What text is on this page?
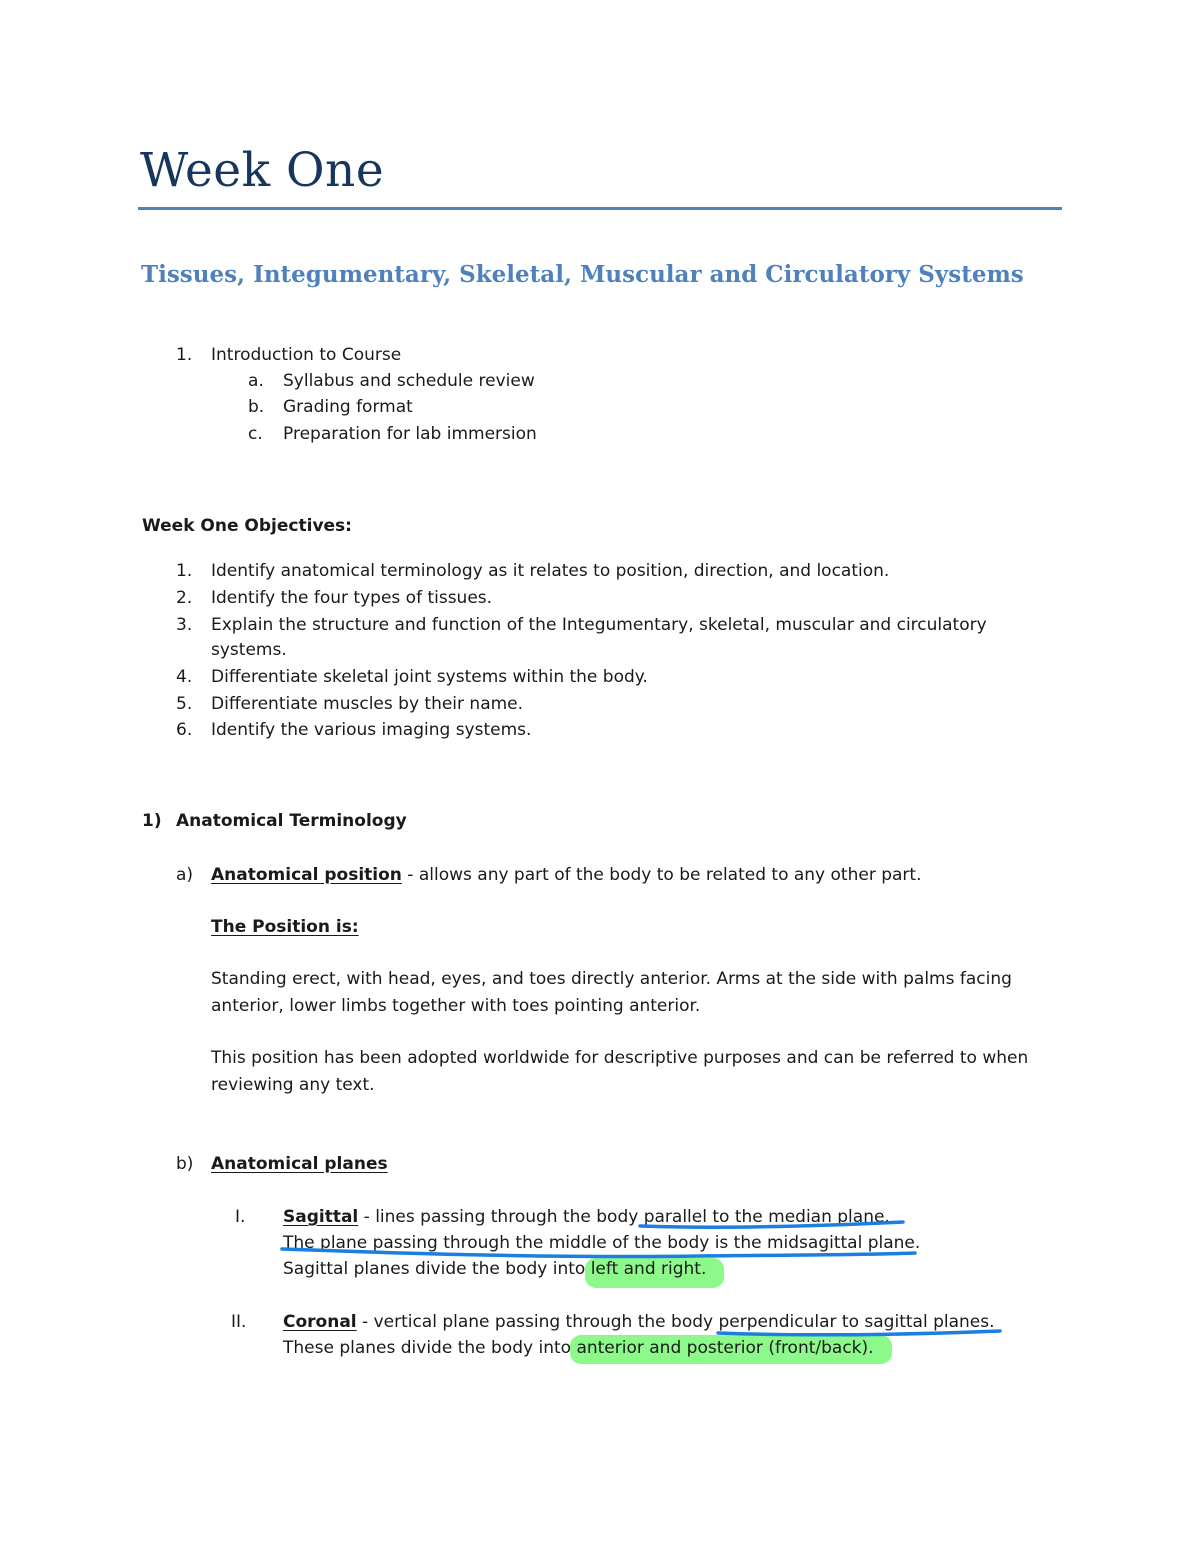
Week One
Tissues, Integumentary, Skeletal, Muscular and Circulatory Systems
1. Introduction to Course
a. Syllabus and schedule review
b. Grading format
c. Preparation for lab immersion
Week One Objectives:
1. Identify anatomical terminology as it relates to position, direction, and location.
2. Identify the four types of tissues.
3. Explain the structure and function of the Integumentary, skeletal, muscular and circulatory
systems.
4. Differentiate skeletal joint systems within the body.
5. Differentiate muscles by their name.
6. Identify the various imaging systems.
1) Anatomical Terminology
a) Anatomical position - allows any part of the body to be related to any other part.
The Position is:
Standing erect, with head, eyes, and toes directly anterior. Arms at the side with palms facing
anterior, lower limbs together with toes pointing anterior.
This position has been adopted worldwide for descriptive purposes and can be referred to when
reviewing any text.
b) Anatomical planes
I. Sagittal - lines passing through the body parallel to the median plane.
The plane passing through the middle of the body is the midsagittal plane.
Sagittal planes divide the body into left and right.
II. Coronal - vertical plane passing through the body perpendicular to sagittal planes.
These planes divide the body into anterior and posterior (front/back).
